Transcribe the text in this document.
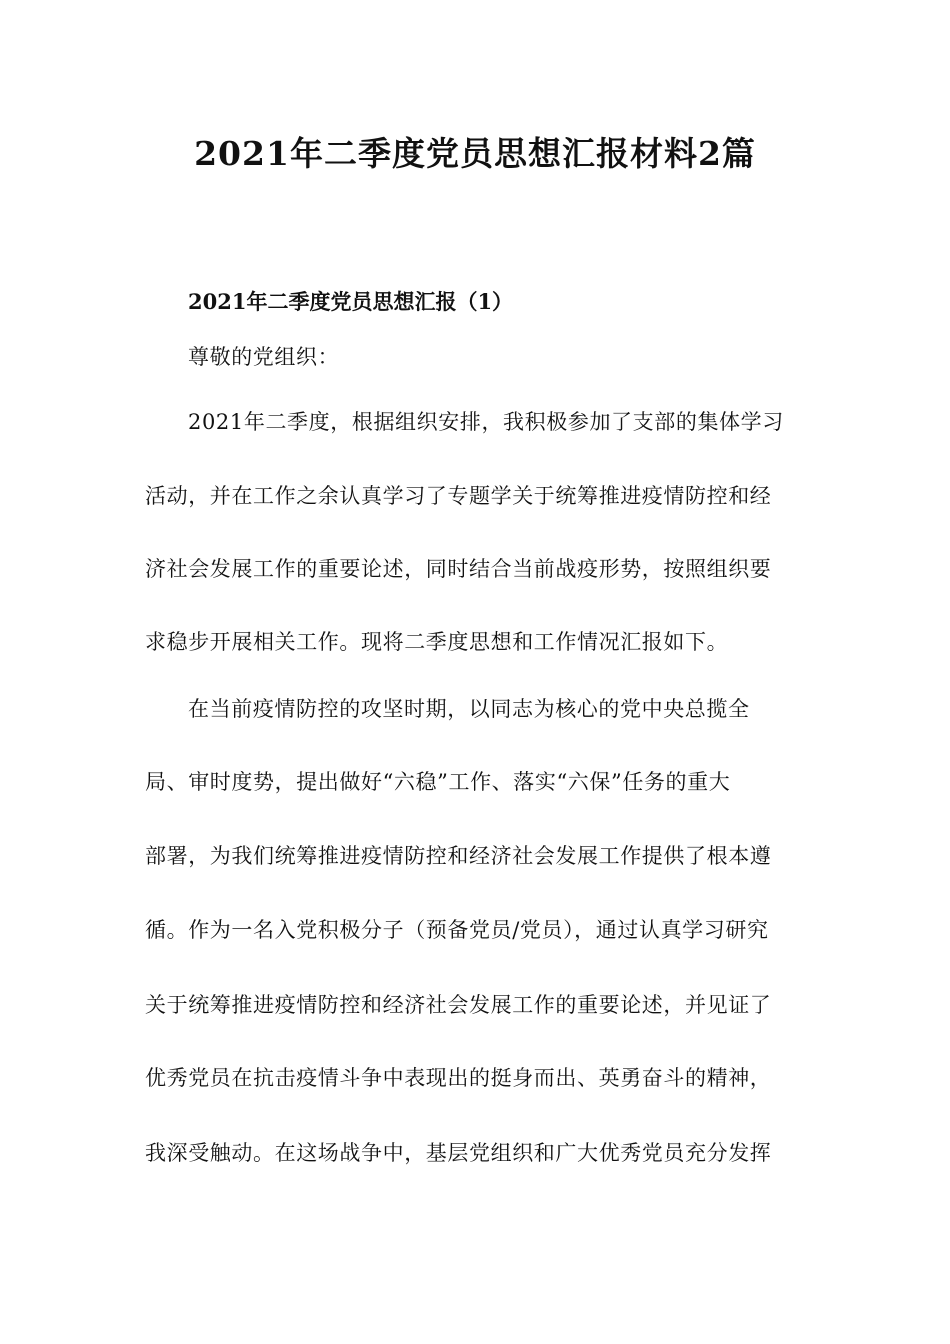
2021年二季度党员思想汇报材料2篇
2021年二季度党员思想汇报（1）

尊敬的党组织：

2021年二季度，根据组织安排，我积极参加了支部的集体学习

活动，并在工作之余认真学习了专题学关于统筹推进疫情防控和经

济社会发展工作的重要论述，同时结合当前战疫形势，按照组织要

求稳步开展相关工作。现将二季度思想和工作情况汇报如下。

在当前疫情防控的攻坚时期，以同志为核心的党中央总揽全

局、审时度势，提出做好“六稳”工作、落实“六保”任务的重大

部署，为我们统筹推进疫情防控和经济社会发展工作提供了根本遵

循。作为一名入党积极分子（预备党员/党员），通过认真学习研究

关于统筹推进疫情防控和经济社会发展工作的重要论述，并见证了

优秀党员在抗击疫情斗争中表现出的挺身而出、英勇奋斗的精神，

我深受触动。在这场战争中，基层党组织和广大优秀党员充分发挥
